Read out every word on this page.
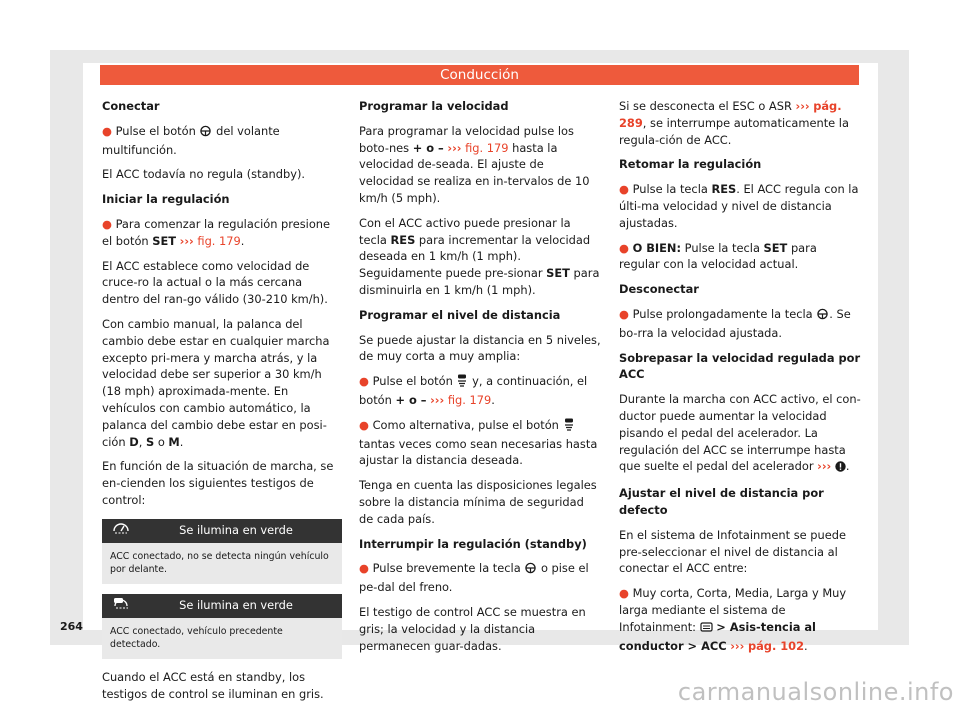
Conducción

Conectar

● Pulse el botón del volante multifunción.

El ACC todavía no regula (standby).

Iniciar la regulación

● Para comenzar la regulación presione el botón SET ››› fig. 179.

El ACC establece como velocidad de cruce-ro la actual o la más cercana dentro del ran-go válido (30-210 km/h).

Con cambio manual, la palanca del cambio debe estar en cualquier marcha excepto pri-mera y marcha atrás, y la velocidad debe ser superior a 30 km/h (18 mph) aproximada-mente. En vehículos con cambio automático, la palanca del cambio debe estar en posi-ción D, S o M.

En función de la situación de marcha, se en-cienden los siguientes testigos de control:

Se ilumina en verde
ACC conectado, no se detecta ningún vehículo por delante.
Se ilumina en verde
ACC conectado, vehículo precedente detectado.

Cuando el ACC está en standby, los testigos de control se iluminan en gris.

Programar la velocidad

Para programar la velocidad pulse los boto-nes + o – ››› fig. 179 hasta la velocidad de-seada. El ajuste de velocidad se realiza en in-tervalos de 10 km/h (5 mph).

Con el ACC activo puede presionar la tecla RES para incrementar la velocidad deseada en 1 km/h (1 mph). Seguidamente puede pre-sionar SET para disminuirla en 1 km/h (1 mph).

Programar el nivel de distancia

Se puede ajustar la distancia en 5 niveles, de muy corta a muy amplia:

● Pulse el botón y, a continuación, el botón + o – ››› fig. 179.

● Como alternativa, pulse el botón  tantas veces como sean necesarias hasta ajustar la distancia deseada.

Tenga en cuenta las disposiciones legales sobre la distancia mínima de seguridad de cada país.

Interrumpir la regulación (standby)

● Pulse brevemente la tecla o pise el pe-dal del freno.

El testigo de control ACC se muestra en gris; la velocidad y la distancia permanecen guar-dadas.

Si se desconecta el ESC o ASR ››› pág. 289, se interrumpe automaticamente la regula-ción de ACC.

Retomar la regulación

● Pulse la tecla RES. El ACC regula con la últi-ma velocidad y nivel de distancia ajustadas.

● O BIEN: Pulse la tecla SET para regular con la velocidad actual.

Desconectar

● Pulse prolongadamente la tecla . Se bo-rra la velocidad ajustada.

Sobrepasar la velocidad regulada por ACC

Durante la marcha con ACC activo, el con-ductor puede aumentar la velocidad pisando el pedal del acelerador. La regulación del ACC se interrumpe hasta que suelte el pedal del acelerador ››› .

Ajustar el nivel de distancia por defecto

En el sistema de Infotainment se puede pre-seleccionar el nivel de distancia al conectar el ACC entre:

● Muy corta, Corta, Media, Larga y Muy larga mediante el sistema de Infotainment: > Asis-tencia al conductor > ACC ››› pág. 102.

264
carmanualsonline.info
